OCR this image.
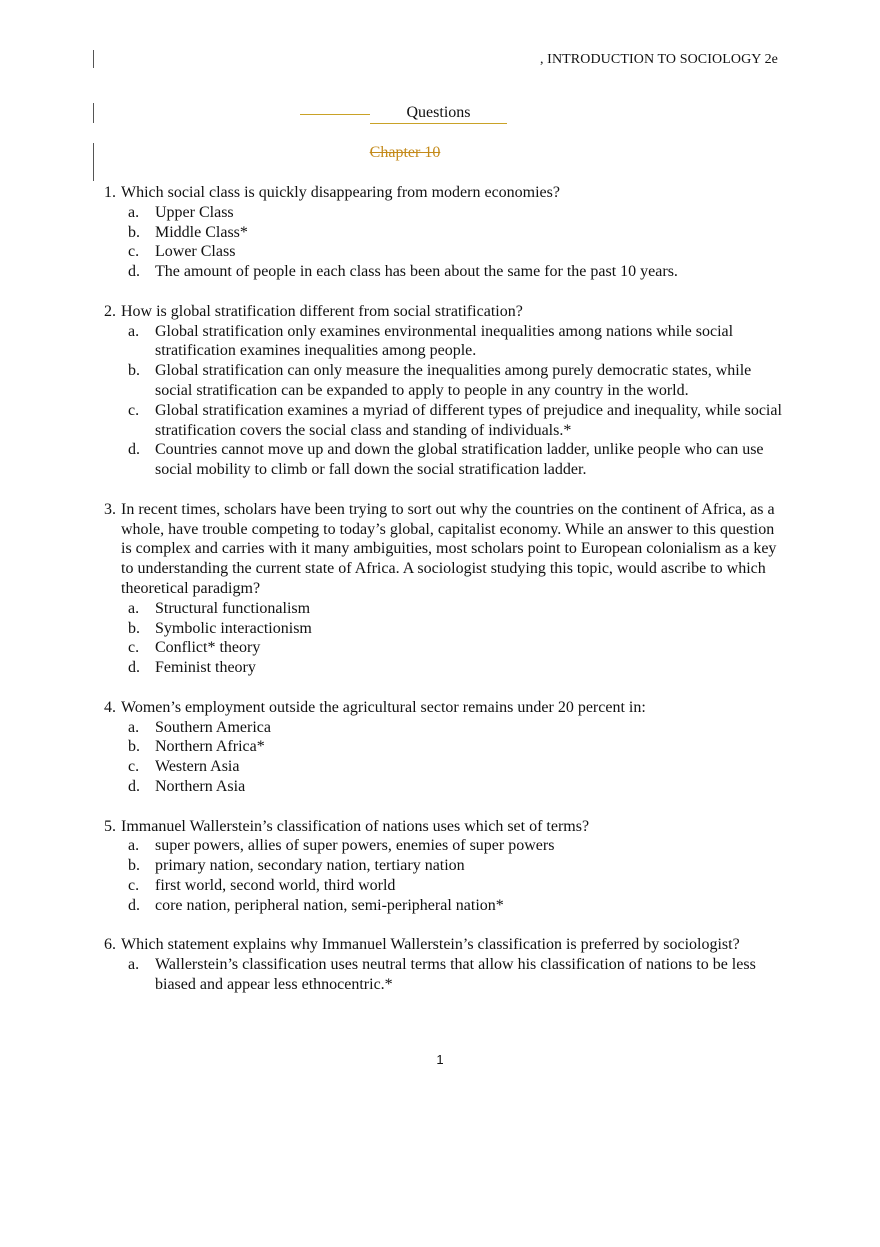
, INTRODUCTION TO SOCIOLOGY 2e
Questions
Chapter 10
1. Which social class is quickly disappearing from modern economies?
a. Upper Class
b. Middle Class*
c. Lower Class
d. The amount of people in each class has been about the same for the past 10 years.
2. How is global stratification different from social stratification?
a. Global stratification only examines environmental inequalities among nations while social stratification examines inequalities among people.
b. Global stratification can only measure the inequalities among purely democratic states, while social stratification can be expanded to apply to people in any country in the world.
c. Global stratification examines a myriad of different types of prejudice and inequality, while social stratification covers the social class and standing of individuals.*
d. Countries cannot move up and down the global stratification ladder, unlike people who can use social mobility to climb or fall down the social stratification ladder.
3. In recent times, scholars have been trying to sort out why the countries on the continent of Africa, as a whole, have trouble competing to today’s global, capitalist economy. While an answer to this question is complex and carries with it many ambiguities, most scholars point to European colonialism as a key to understanding the current state of Africa. A sociologist studying this topic, would ascribe to which theoretical paradigm?
a. Structural functionalism
b. Symbolic interactionism
c. Conflict* theory
d. Feminist theory
4. Women’s employment outside the agricultural sector remains under 20 percent in:
a. Southern America
b. Northern Africa*
c. Western Asia
d. Northern Asia
5. Immanuel Wallerstein’s classification of nations uses which set of terms?
a. super powers, allies of super powers, enemies of super powers
b. primary nation, secondary nation, tertiary nation
c. first world, second world, third world
d. core nation, peripheral nation, semi-peripheral nation*
6. Which statement explains why Immanuel Wallerstein’s classification is preferred by sociologist?
a. Wallerstein’s classification uses neutral terms that allow his classification of nations to be less biased and appear less ethnocentric.*
1
